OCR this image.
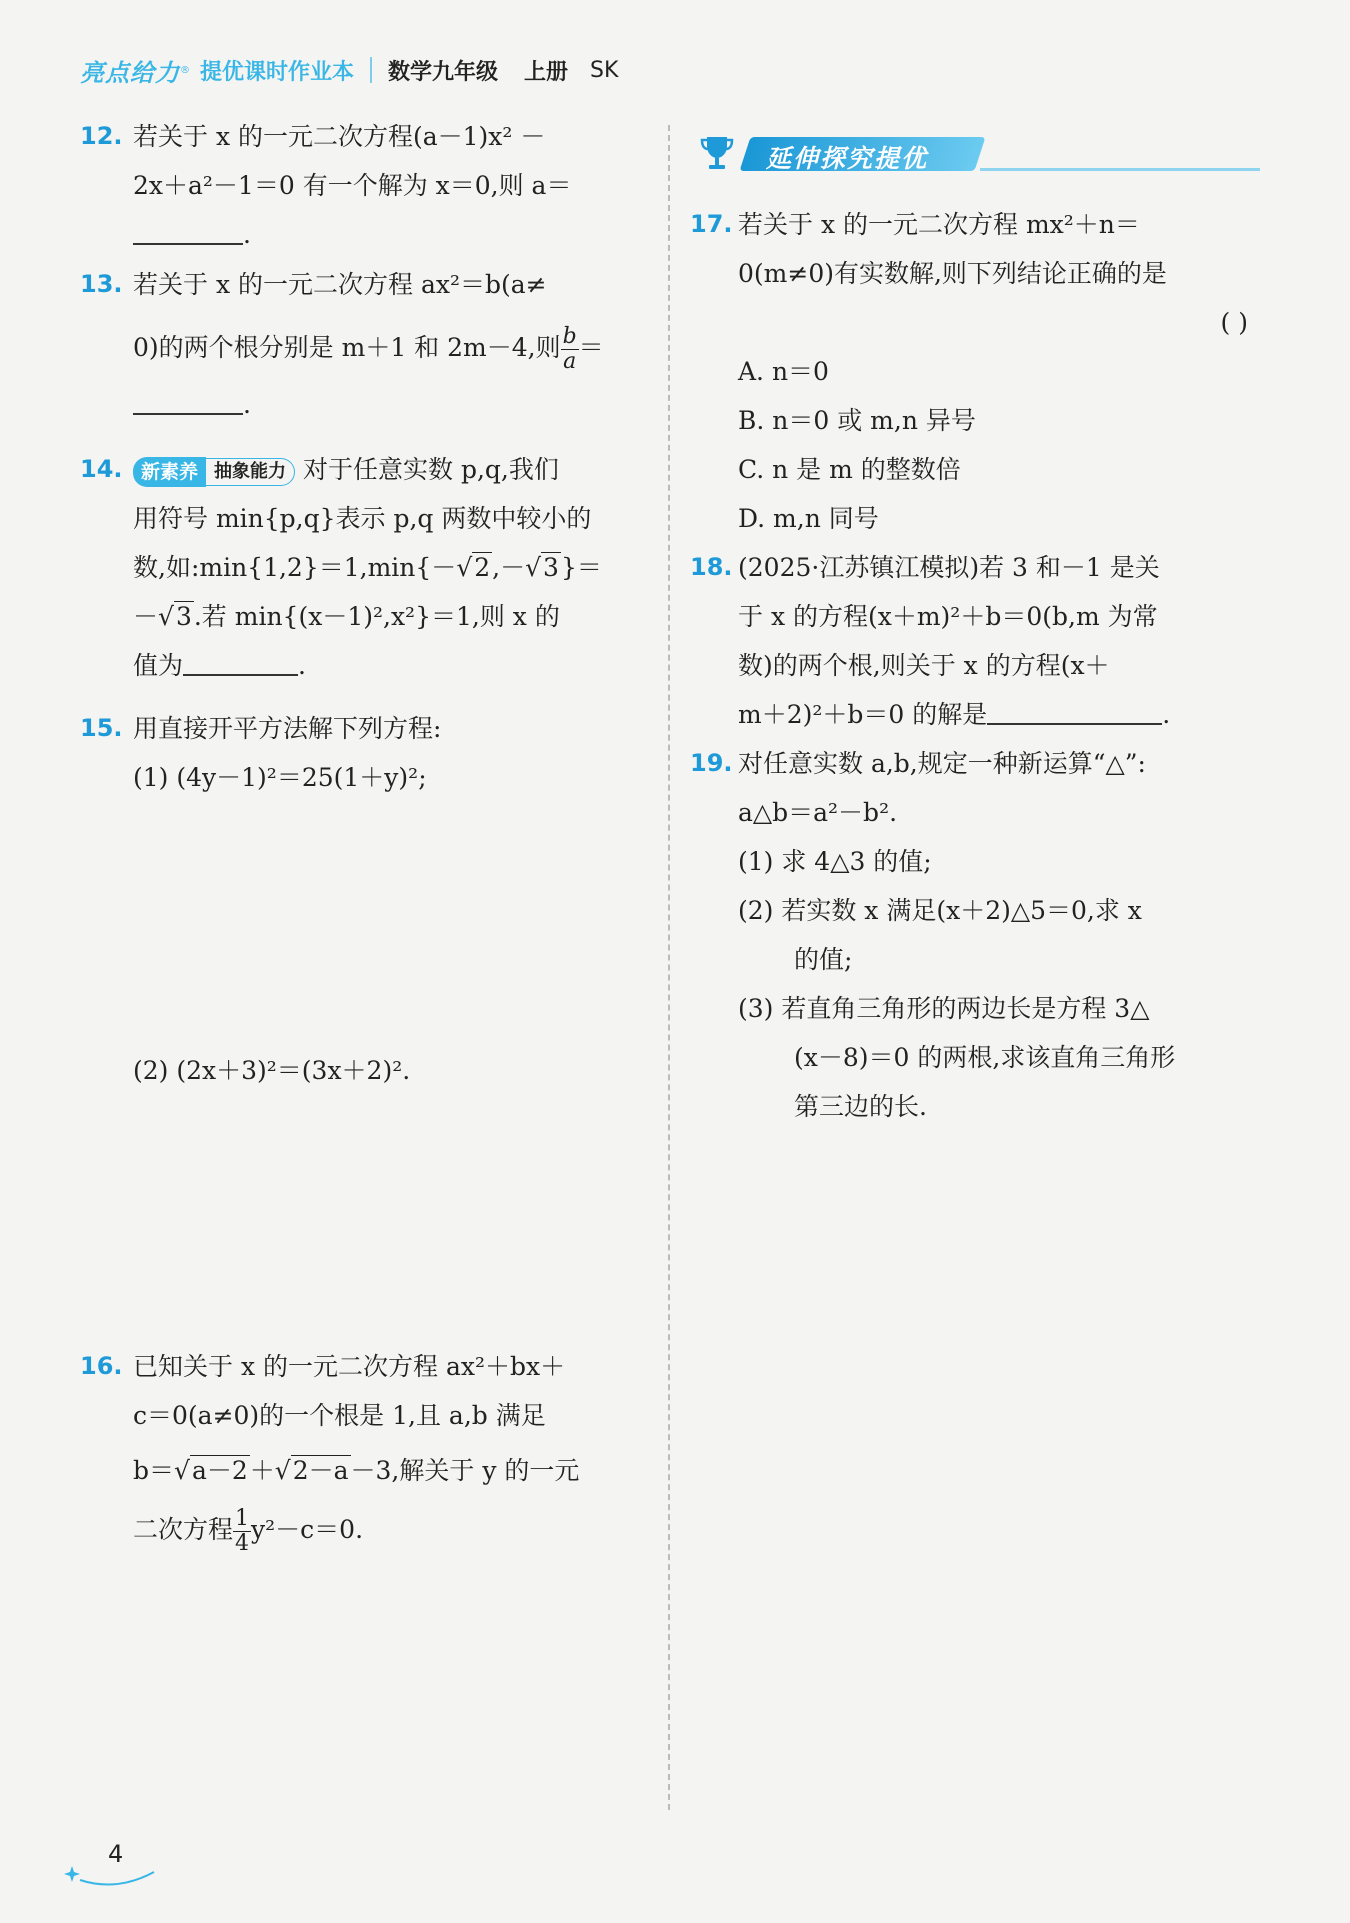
亮点给力 ® 提优课时作业本 数学九年级 上册 SK
12. 若关于 x 的一元二次方程(a－1)x² －
2x＋a²－1＝0 有一个解为 x＝0,则 a＝
.
13. 若关于 x 的一元二次方程 ax²＝b(a≠
0)的两个根分别是 m＋1 和 2m－4,则 $\frac{b}{a}$ ＝
.
14. 新素养 抽象能力 对于任意实数 p,q,我们
用符号 min{p,q}表示 p,q 两数中较小的
数,如:min{1,2}＝1,min{－√2,－√3}＝
－√3.若 min{(x－1)²,x²}＝1,则 x 的
值为	.
15. 用直接开平方法解下列方程:
(1) (4y－1)²＝25(1＋y)²;
(2) (2x＋3)²＝(3x＋2)².
16. 已知关于 x 的一元二次方程 ax²＋bx＋
c＝0(a≠0)的一个根是 1,且 a,b 满足
b＝√a－2＋√2－a－3,解关于 y 的一元
二次方程 $\frac{1}{4} y^2-c=0$.
延伸探究提优
17. 若关于 x 的一元二次方程 mx²＋n＝
0(m≠0)有实数解,则下列结论正确的是
( )
A. n＝0
B. n＝0 或 m,n 异号
C. n 是 m 的整数倍
D. m,n 同号
18. (2025·江苏镇江模拟)若 3 和－1 是关
于 x 的方程(x＋m)²＋b＝0(b,m 为常
数)的两个根,则关于 x 的方程(x＋
m＋2)²＋b＝0 的解是	.
19. 对任意实数 a,b,规定一种新运算“△”:
a△b＝a²－b².
(1) 求 4△3 的值;
(2) 若实数 x 满足(x＋2)△5＝0,求 x
的值;
(3) 若直角三角形的两边长是方程 3△
(x－8)＝0 的两根,求该直角三角形
第三边的长.
4
